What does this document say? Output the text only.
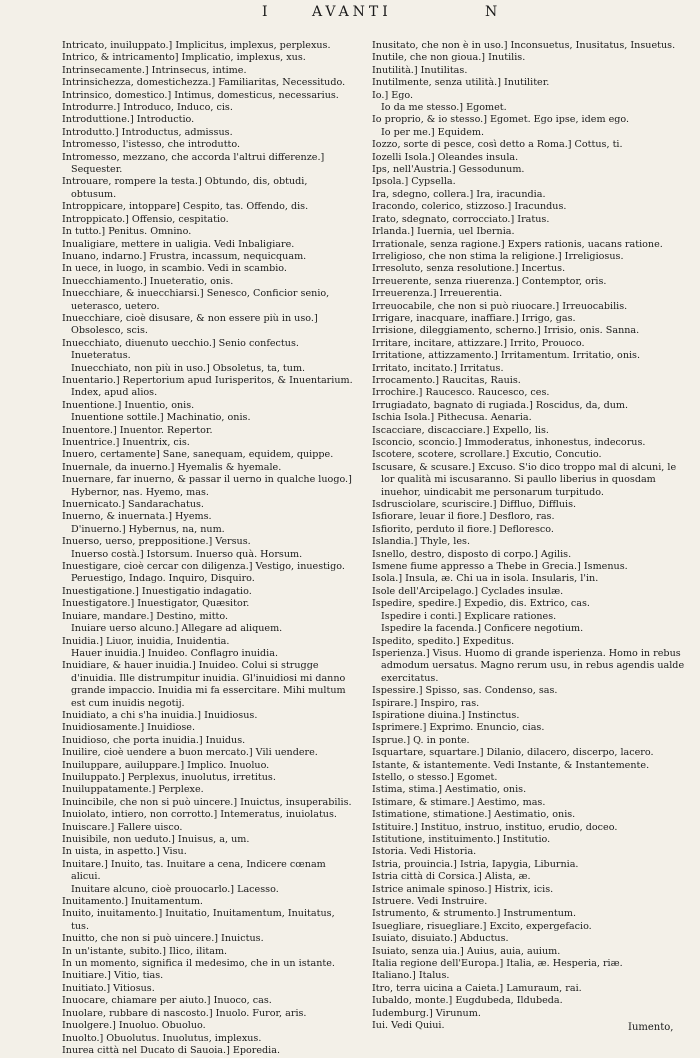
I	AVANTI	N

Intricato, inuiluppato.] Implicitus, implexus, perplexus.

Intrico, & intricamento] Implicatio, implexus, xus.

Intrinsecamente.] Intrinsecus, intime.

Intrinsichezza, domestichezza.] Familiaritas, Necessitudo.

Intrinsico, domestico.] Intimus, domesticus, necessarius.

Introdurre.] Introduco, Induco, cis.

Introduttione.] Introductio.

Introdutto.] Introductus, admissus.

Intromesso, l'istesso, che introdutto.

Intromesso, mezzano, che accorda l'altrui differenze.] Sequester.

Introuare, rompere la testa.] Obtundo, dis, obtudi, obtusum.

Introppicare, intoppare] Cespito, tas. Offendo, dis.

Introppicato.] Offensio, cespitatio.

In tutto.] Penitus. Omnino.

Inualigiare, mettere in ualigia. Vedi Inbaligiare.

Inuano, indarno.] Frustra, incassum, nequicquam.

In uece, in luogo, in scambio. Vedi in scambio.

Inuecchiamento.] Inueteratio, onis.

Inuecchiare, & inuecchiarsi.] Senesco, Conficior senio, ueterasco, uetero.

Inuecchiare, cioè disusare, & non essere più in uso.] Obsolesco, scis.

Inuecchiato, diuenuto uecchio.] Senio confectus. Inueteratus.

Inuecchiato, non più in uso.] Obsoletus, ta, tum.

Inuentario.] Repertorium apud Iurisperitos, & Inuentarium. Index, apud alios.

Inuentione.] Inuentio, onis.

Inuentione sottile.] Machinatio, onis.

Inuentore.] Inuentor. Repertor.

Inuentrice.] Inuentrix, cis.

Inuero, certamente] Sane, sanequam, equidem, quippe.

Inuernale, da inuerno.] Hyemalis & hyemale.

Inuernare, far inuerno, & passar il uerno in qualche luogo.] Hybernor, nas. Hyemo, mas.

Inuernicato.] Sandarachatus.

Inuerno, & inuernata.] Hyems.

D'inuerno.] Hybernus, na, num.

Inuerso, uerso, preppositione.] Versus.

Inuerso costà.] Istorsum. Inuerso quà. Horsum.

Inuestigare, cioè cercar con diligenza.] Vestigo, inuestigo. Peruestigo, Indago. Inquiro, Disquiro.

Inuestigatione.] Inuestigatio indagatio.

Inuestigatore.] Inuestigator, Quæsitor.

Inuiare, mandare.] Destino, mitto.

Inuiare uerso alcuno.] Allegare ad aliquem.

Inuidia.] Liuor, inuidia, Inuidentia.

Hauer inuidia.] Inuideo. Conflagro inuidia.

Inuidiare, & hauer inuidia.] Inuideo. Colui si strugge d'inuidia. Ille distrumpitur inuidia. Gl'inuidiosi mi danno grande impaccio. Inuidia mi fa essercitare. Mihi multum est cum inuidis negotij.

Inuidiato, a chi s'ha inuidia.] Inuidiosus.

Inuidiosamente.] Inuidiose.

Inuidioso, che porta inuidia.] Inuidus.

Inuilire, cioè uendere a buon mercato.] Vili uendere.

Inuiluppare, auiluppare.] Implico. Inuoluo.

Inuiluppato.] Perplexus, inuolutus, irretitus.

Inuiluppatamente.] Perplexe.

Inuincibile, che non si può uincere.] Inuictus, insuperabilis.

Inuiolato, intiero, non corrotto.] Intemeratus, inuiolatus.

Inuiscare.] Fallere uisco.

Inuisibile, non ueduto.] Inuisus, a, um.

In uista, in aspetto.] Visu.

Inuitare.] Inuito, tas. Inuitare a cena, Indicere cœnam alicui.

Inuitare alcuno, cioè prouocarlo.] Lacesso.

Inuitamento.] Inuitamentum.

Inuito, inuitamento.] Inuitatio, Inuitamentum, Inuitatus, tus.

Inuitto, che non si può uincere.] Inuictus.

In un'istante, subito.] Ilico, ilitam.

In un momento, significa il medesimo, che in un istante.

Inuitiare.] Vitio, tias.

Inuitiato.] Vitiosus.

Inuocare, chiamare per aiuto.] Inuoco, cas.

Inuolare, rubbare di nascosto.] Inuolo. Furor, aris.

Inuolgere.] Inuoluo. Obuoluo.

Inuolto.] Obuolutus. Inuolutus, implexus.

Inurea città nel Ducato di Sauoia.] Eporedia.

Inusitato, che non è in uso.] Inconsuetus, Inusitatus, Insuetus.

Inutile, che non gioua.] Inutilis.

Inutilità.] Inutilitas.

Inutilmente, senza utilità.] Inutiliter.

Io.] Ego.

Io da me stesso.] Egomet.

Io proprio, & io stesso.] Egomet. Ego ipse, idem ego.

Io per me.] Equidem.

Iozzo, sorte di pesce, così detto a Roma.] Cottus, ti.

Iozelli Isola.] Oleandes insula.

Ips, nell'Austria.] Gessodunum.

Ipsola.] Cypsella.

Ira, sdegno, collera.] Ira, iracundia.

Iracondo, colerico, stizzoso.] Iracundus.

Irato, sdegnato, corrocciato.] Iratus.

Irlanda.] Iuernia, uel Ibernia.

Irrationale, senza ragione.] Expers rationis, uacans ratione.

Irreligioso, che non stima la religione.] Irreligiosus.

Irresoluto, senza resolutione.] Incertus.

Irreuerente, senza riuerenza.] Contemptor, oris.

Irreuerenza.] Irreuerentia.

Irreuocabile, che non si può riuocare.] Irreuocabilis.

Irrigare, inacquare, inaffiare.] Irrigo, gas.

Irrisione, dileggiamento, scherno.] Irrisio, onis. Sanna.

Irritare, incitare, attizzare.] Irrito, Prouoco.

Irritatione, attizzamento.] Irritamentum. Irritatio, onis.

Irritato, incitato.] Irritatus.

Irrocamento.] Raucitas, Rauis.

Irrochire.] Raucesco. Raucesco, ces.

Irrugiadato, bagnato di rugiada.] Roscidus, da, dum.

Ischia Isola.] Pithecusa. Aenaria.

Iscacciare, discacciare.] Expello, lis.

Isconcio, sconcio.] Immoderatus, inhonestus, indecorus.

Iscotere, scotere, scrollare.] Excutio, Concutio.

Iscusare, & scusare.] Excuso. S'io dico troppo mal di alcuni, le lor qualità mi iscusaranno. Si paullo liberius in quosdam inuehor, uindicabit me personarum turpitudo.

Isdrusciolare, scuriscire.] Diffluo, Diffluis.

Isfiorare, leuar il fiore.] Desfloro, ras.

Isfiorito, perduto il fiore.] Defloresco.

Islandia.] Thyle, les.

Isnello, destro, disposto di corpo.] Agilis.

Ismene fiume appresso a Thebe in Grecia.] Ismenus.

Isola.] Insula, æ. Chi ua in isola. Insularis, l'in.

Isole dell'Arcipelago.] Cyclades insulæ.

Ispedire, spedire.] Expedio, dis. Extrico, cas.

Ispedire i conti.] Explicare rationes.

Ispedire la facenda.] Conficere negotium.

Ispedito, spedito.] Expeditus.

Isperienza.] Visus. Huomo di grande isperienza. Homo in rebus admodum uersatus. Magno rerum usu, in rebus agendis ualde exercitatus.

Ispessire.] Spisso, sas. Condenso, sas.

Ispirare.] Inspiro, ras.

Ispiratione diuina.] Instinctus.

Isprimere.] Exprimo. Enuncio, cias.

Isprue.] Q. in ponte.

Isquartare, squartare.] Dilanio, dilacero, discerpo, lacero.

Istante, & istantemente. Vedi Instante, & Instantemente.

Istello, o stesso.] Egomet.

Istima, stima.] Aestimatio, onis.

Istimare, & stimare.] Aestimo, mas.

Istimatione, stimatione.] Aestimatio, onis.

Istituire.] Instituo, instruo, instituo, erudio, doceo.

Istitutione, instituimento.] Institutio.

Istoria. Vedi Historia.

Istria, prouincia.] Istria, Iapygia, Liburnia.

Istria città di Corsica.] Alista, æ.

Istrice animale spinoso.] Histrix, icis.

Istruere. Vedi Instruire.

Istrumento, & strumento.] Instrumentum.

Isuegliare, risuegliare.] Excito, expergefacio.

Isuiato, disuiato.] Abductus.

Isuiato, senza uia.] Auius, auia, auium.

Italia regione dell'Europa.] Italia, æ. Hesperia, riæ.

Italiano.] Italus.

Itro, terra uicina a Caieta.] Lamuraum, rai.

Iubaldo, monte.] Eugdubeda, Ildubeda.

Iudemburg.] Virunum.

Iui. Vedi Quiui.	Iumento,
